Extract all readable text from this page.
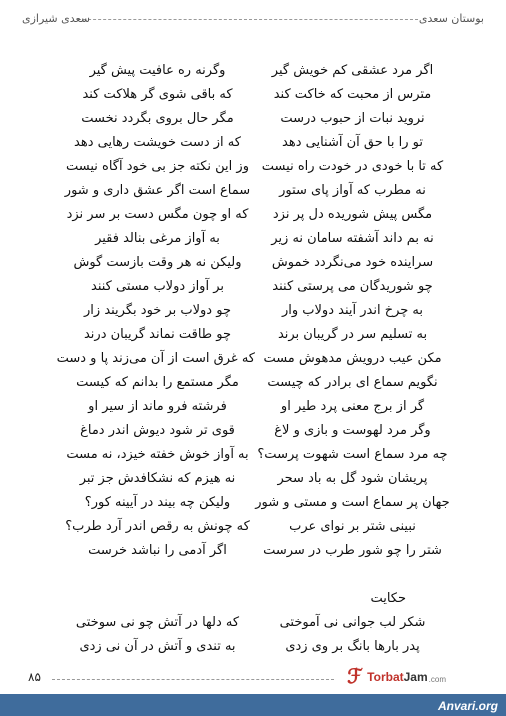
بوستان سعدی
سعدی شیرازی
اگر مرد عشقی کم خویش گیر
وگرنه ره عافیت پیش گیر
مترس از محبت که خاکت کند
که باقی شوی گر هلاکت کند
نروید نبات از حبوب درست
مگر حال بروی بگردد نخست
تو را با حق آن آشنایی دهد
که از دست خویشت رهایی دهد
که تا با خودی در خودت راه نیست
وز این نکته جز بی خود آگاه نیست
نه مطرب که آواز پای ستور
سماع است اگر عشق داری و شور
مگس پیش شوریده دل پر نزد
که او چون مگس دست بر سر نزد
نه بم داند آشفته سامان نه زیر
به آواز مرغی بنالد فقیر
سراینده خود می‌نگردد خموش
ولیکن نه هر وقت بازست گوش
چو شوریدگان می پرستی کنند
بر آواز دولاب مستی کنند
به چرخ اندر آیند دولاب وار
چو دولاب بر خود بگریند زار
به تسلیم سر در گریبان برند
چو طاقت نماند گریبان درند
مکن عیب درویش مدهوش مست
که غرق است از آن می‌زند پا و دست
نگویم سماع ای برادر که چیست
مگر مستمع را بدانم که کیست
گر از برج معنی پرد طیر او
فرشته فرو ماند از سیر او
وگر مرد لهوست و بازی و لاغ
قوی تر شود دیوش اندر دماغ
چه مرد سماع است شهوت پرست؟
به آواز خوش خفته خیزد، نه مست
پریشان شود گل به باد سحر
نه هیزم که نشکافدش جز تبر
جهان پر سماع است و مستی و شور
ولیکن چه بیند در آیینه کور؟
نبینی شتر بر نوای عرب
که چونش به رقص اندر آرد طرب؟
شتر را چو شور طرب در سرست
اگر آدمی را نباشد خرست
حکایت
شکر لب جوانی نی آموختی
که دلها در آتش چو نی سوختی
پدر بارها بانگ بر وی زدی
به تندی و آتش در آن نی زدی
۸۵	ℱ TorbatJam .com
Anvari.org
